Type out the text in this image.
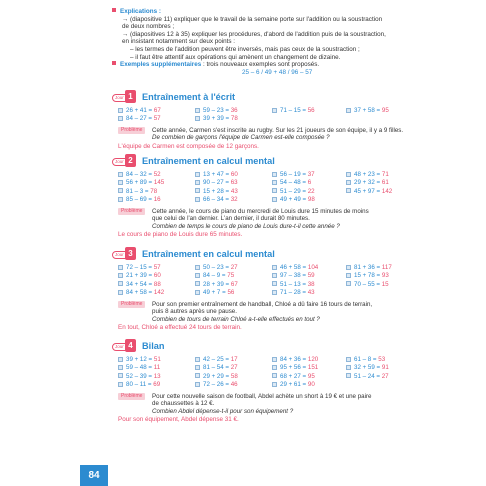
Explications :
→ (diapositive 11) expliquer que le travail de la semaine porte sur l'addition ou la soustraction
de deux nombres ;
→ (diapositives 12 à 35) expliquer les procédures, d'abord de l'addition puis de la soustraction,
en insistant notamment sur deux points :
– les termes de l'addition peuvent être inversés, mais pas ceux de la soustraction ;
– il faut être attentif aux opérations qui amènent un changement de dizaine.
Exemples supplémentaires : trois nouveaux exemples sont proposés.
25 – 6 / 49 + 48 / 96 – 57
Jour 1	Entraînement à l'écrit
26 + 41 = 67	59 – 23 = 36	71 – 15 = 56	37 + 58 = 95
84 – 27 = 57	39 + 39 = 78
Problème	Cette année, Carmen s'est inscrite au rugby. Sur les 21 joueurs de son équipe, il y a 9 filles.
De combien de garçons l'équipe de Carmen est-elle composée ?
L'équipe de Carmen est composée de 12 garçons.
Jour 2	Entraînement en calcul mental
84 – 32 = 52	13 + 47 = 60	56 – 19 = 37	48 + 23 = 71
56 + 89 = 145	90 – 27 = 63	54 – 48 = 6	29 + 32 = 61
81 – 3 = 78	15 + 28 = 43	51 – 29 = 22	45 + 97 = 142
85 – 69 = 16	66 – 34 = 32	49 + 49 = 98
Problème	Cette année, le cours de piano du mercredi de Louis dure 15 minutes de moins
que celui de l'an dernier. L'an dernier, il durait 80 minutes.
Combien de temps le cours de piano de Louis dure-t-il cette année ?
Le cours de piano de Louis dure 65 minutes.
Jour 3	Entraînement en calcul mental
72 – 15 = 57	50 – 23 = 27	46 + 58 = 104	81 + 36 = 117
21 + 39 = 60	84 – 9 = 75	97 – 38 = 59	15 + 78 = 93
34 + 54 = 88	28 + 39 = 67	51 – 13 = 38	70 – 55 = 15
84 + 58 = 142	49 + 7 = 56	71 – 28 = 43
Problème	Pour son premier entraînement de handball, Chloé a dû faire 16 tours de terrain,
puis 8 autres après une pause.
Combien de tours de terrain Chloé a-t-elle effectués en tout ?
En tout, Chloé a effectué 24 tours de terrain.
Jour 4	Bilan
39 + 12 = 51	42 – 25 = 17	84 + 36 = 120	61 – 8 = 53
59 – 48 = 11	81 – 54 = 27	95 + 56 = 151	32 + 59 = 91
52 – 39 = 13	29 + 29 = 58	68 + 27 = 95	51 – 24 = 27
80 – 11 = 69	72 – 26 = 46	29 + 61 = 90
Problème	Pour cette nouvelle saison de football, Abdel achète un short à 19 € et une paire
de chaussettes à 12 €.
Combien Abdel dépense-t-il pour son équipement ?
Pour son équipement, Abdel dépense 31 €.
84
